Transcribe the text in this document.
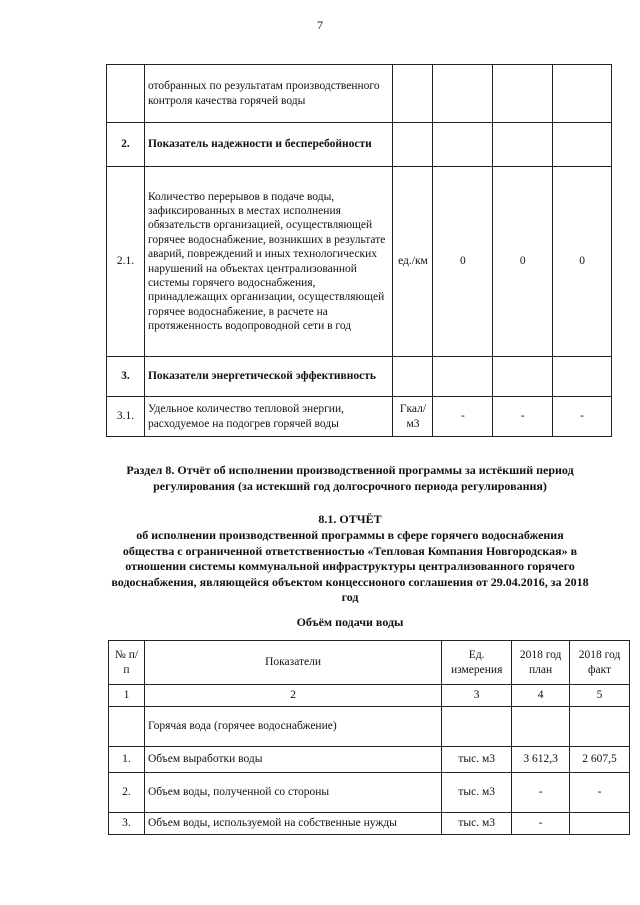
7
	отобранных по результатам производственного контроля качества горячей воды				
2.	Показатель надежности и бесперебойности				
2.1.	Количество перерывов в подаче воды, зафиксированных в местах исполнения обязательств организацией, осуществляющей горячее водоснабжение, возникших в результате аварий, повреждений и иных технологических нарушений на объектах централизованной системы горячего водоснабжения, принадлежащих организации, осуществляющей горячее водоснабжение, в расчете на протяженность водопроводной сети в год	ед./км	0	0	0
3.	Показатели энергетической эффективность				
3.1.	Удельное количество тепловой энергии, расходуемое на подогрев горячей воды	Гкал/м3	-	-	-
Раздел 8. Отчёт об исполнении производственной программы за истёкший период регулирования (за истекший год долгосрочного периода регулирования)
8.1. ОТЧЁТ
об исполнении производственной программы в сфере горячего водоснабжения общества с ограниченной ответственностью «Тепловая Компания Новгородская» в отношении системы коммунальной инфраструктуры централизованного горячего водоснабжения, являющейся объектом концессионого соглашения от 29.04.2016, за 2018 год
Объём подачи воды
№ п/п	Показатели	Ед. измерения	2018 год план	2018 год факт
1	2	3	4	5
	Горячая вода (горячее водоснабжение)			
1.	Объем выработки воды	тыс. м3	3 612,3	2 607,5
2.	Объем воды, полученной со стороны	тыс. м3	-	-
3.	Объем воды, используемой на собственные нужды	тыс. м3	-	
